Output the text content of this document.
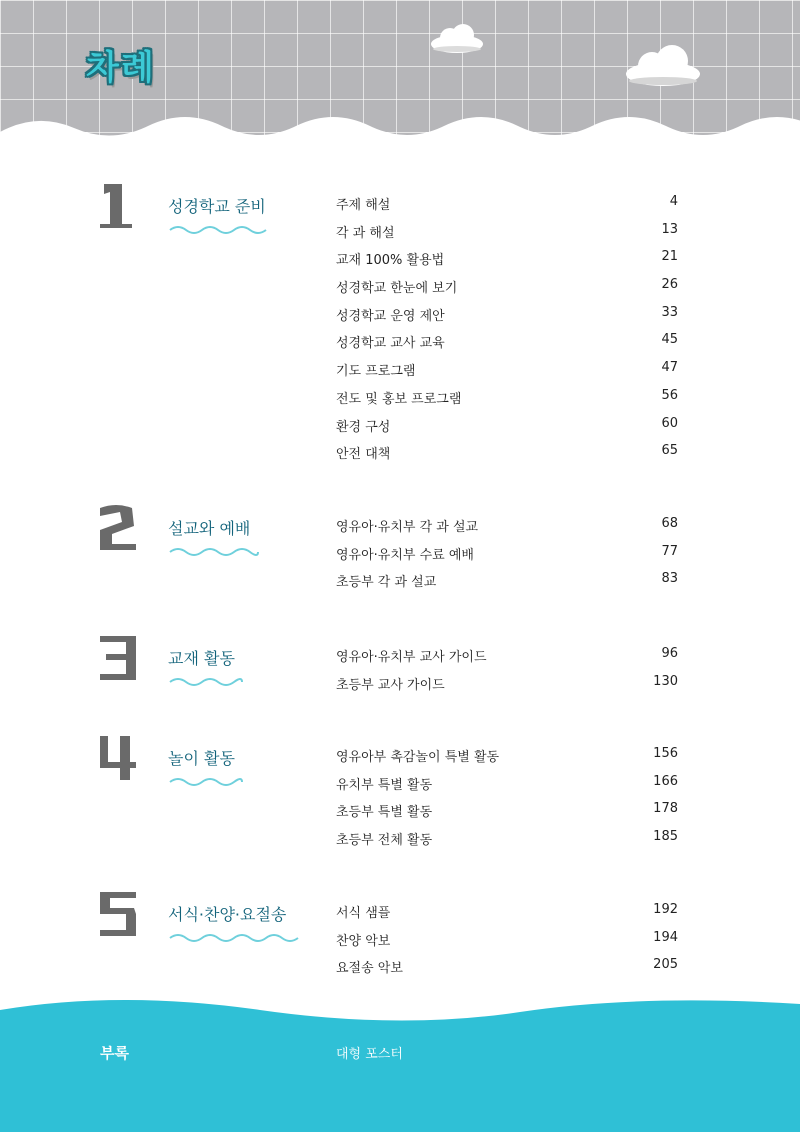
차례
성경학교 준비	주제 해설	4
각 과 해설	13
교재 100% 활용법	21
성경학교 한눈에 보기	26
성경학교 운영 제안	33
성경학교 교사 교육	45
기도 프로그램	47
전도 및 홍보 프로그램	56
환경 구성	60
안전 대책	65
설교와 예배	영유아·유치부 각 과 설교	68
영유아·유치부 수료 예배	77
초등부 각 과 설교	83
교재 활동	영유아·유치부 교사 가이드	96
초등부 교사 가이드	130
놀이 활동	영유아부 촉감놀이 특별 활동	156
유치부 특별 활동	166
초등부 특별 활동	178
초등부 전체 활동	185
서식·찬양·요절송	서식 샘플	192
찬양 악보	194
요절송 악보	205
부록	대형 포스터
